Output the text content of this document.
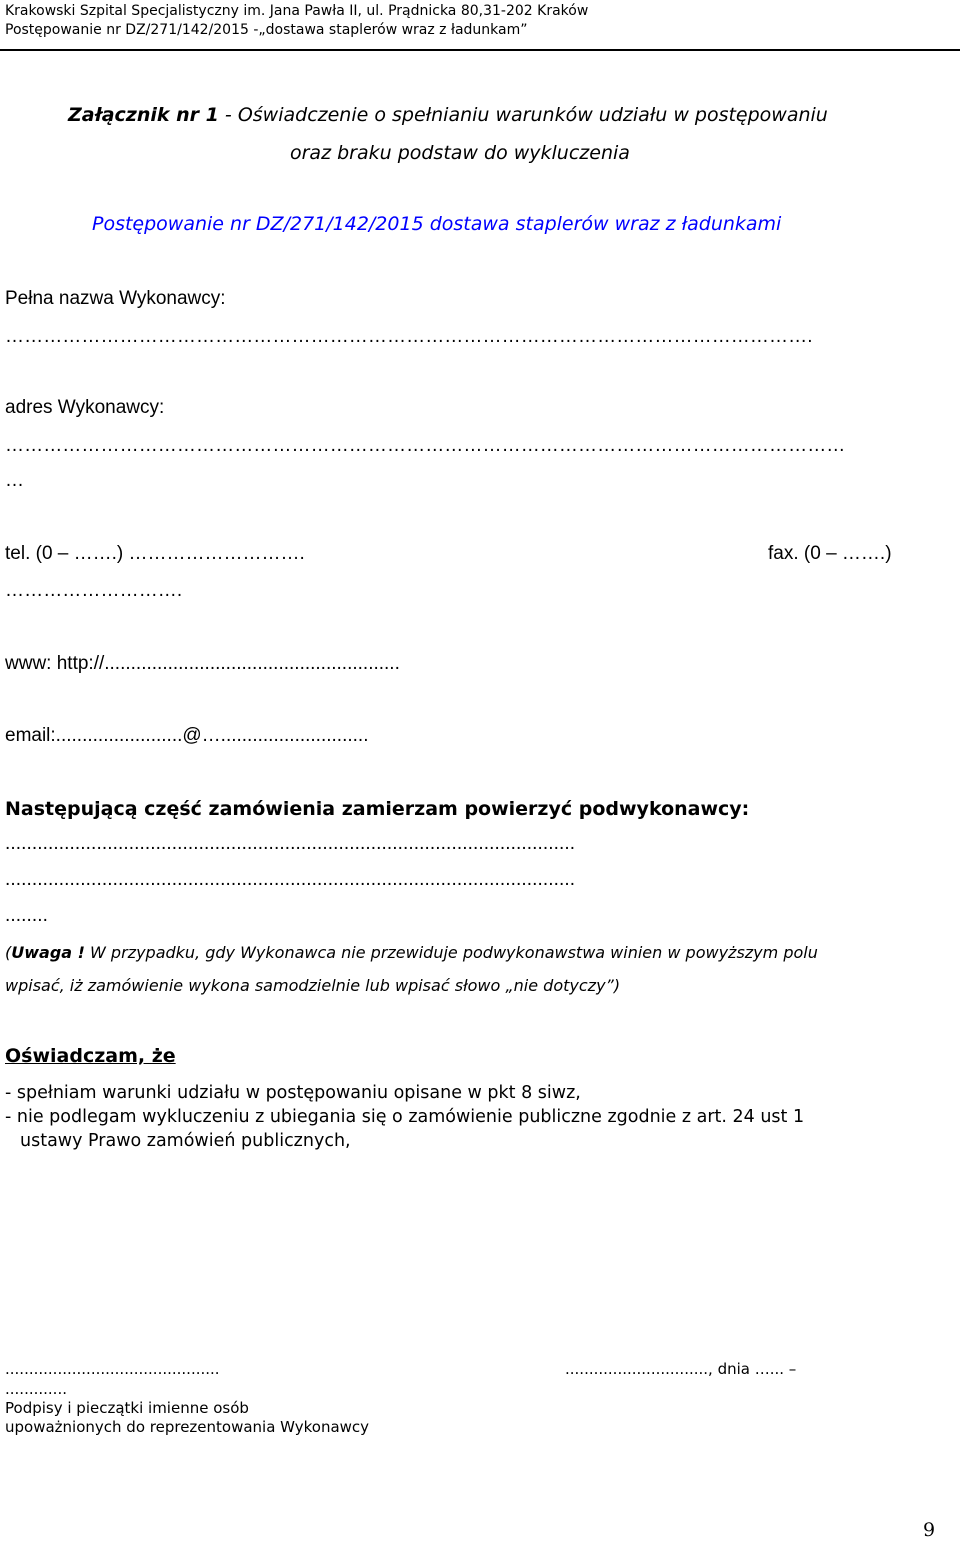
Krakowski Szpital Specjalistyczny im. Jana Pawła II, ul. Prądnicka 80,31-202 Kraków
Postępowanie nr DZ/271/142/2015 -„dostawa staplerów wraz z ładunkam”
Załącznik nr 1 - Oświadczenie o spełnianiu warunków udziału w postępowaniu
oraz braku podstaw do wykluczenia
Postępowanie nr DZ/271/142/2015 dostawa staplerów wraz z ładunkami
Pełna nazwa Wykonawcy:
……………………………………………………………………………………………………………….
adres Wykonawcy:
……………………………………………………………………………………………………………………
…
tel. (0 – …….) ……………………….	fax. (0 – …….)
……………………….
www: http://........................................................
email:........................@…............................
Następującą część zamówienia zamierzam powierzyć podwykonawcy:
..........................................................................................................
..........................................................................................................
........
(Uwaga ! W przypadku, gdy Wykonawca nie przewiduje podwykonawstwa winien w powyższym polu
wpisać, iż zamówienie wykona samodzielnie lub wpisać słowo „nie dotyczy”)
Oświadczam, że
- spełniam warunki udziału w postępowaniu opisane w pkt 8 siwz,
- nie podlegam wykluczeniu z ubiegania się o zamówienie publiczne zgodnie z art. 24 ust 1
ustawy Prawo zamówień publicznych,
.............................................	.............................., dnia …... –
.............
Podpisy i pieczątki imienne osób
upoważnionych do reprezentowania Wykonawcy
9
